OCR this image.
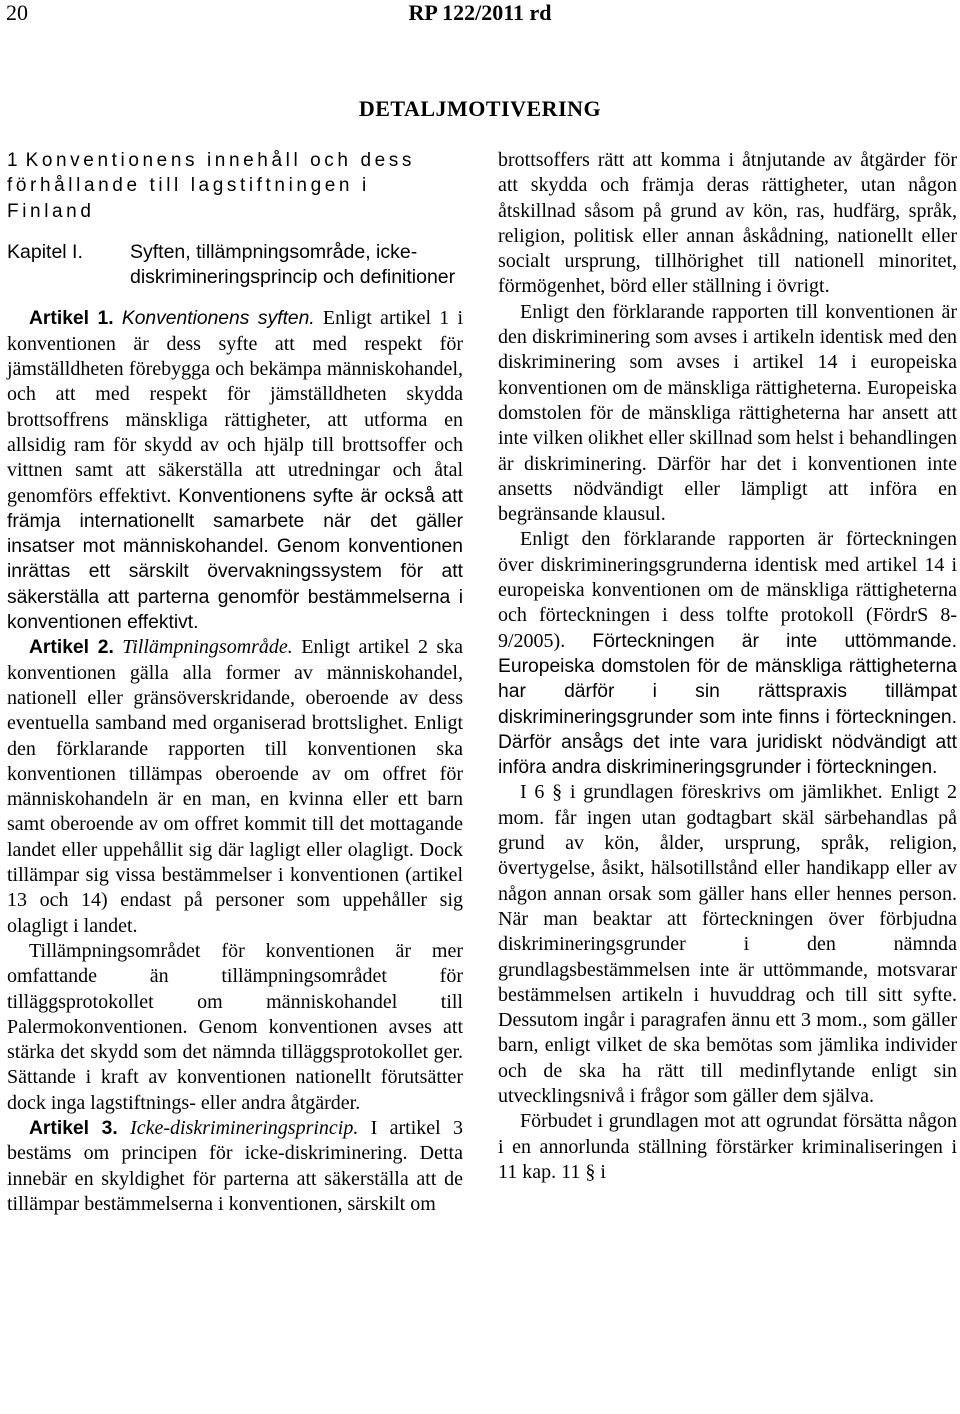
20	RP 122/2011 rd
DETALJMOTIVERING
1 Konventionens innehåll och dess förhållande till lagstiftningen i Finland
Kapitel I.	Syften, tillämpningsområde, icke-diskrimineringsprincip och definitioner

Artikel 1. Konventionens syften. Enligt artikel 1 i konventionen är dess syfte att med respekt för jämställdheten förebygga och bekämpa människohandel, och att med respekt för jämställdheten skydda brottsoffrens mänskliga rättigheter, att utforma en allsidig ram för skydd av och hjälp till brottsoffer och vittnen samt att säkerställa att utredningar och åtal genomförs effektivt. Konventionens syfte är också att främja internationellt samarbete när det gäller insatser mot människohandel. Genom konventionen inrättas ett särskilt övervakningssystem för att säkerställa att parterna genomför bestämmelserna i konventionen effektivt.

Artikel 2. Tillämpningsområde. Enligt artikel 2 ska konventionen gälla alla former av människohandel, nationell eller gränsöverskridande, oberoende av dess eventuella samband med organiserad brottslighet. Enligt den förklarande rapporten till konventionen ska konventionen tillämpas oberoende av om offret för människohandeln är en man, en kvinna eller ett barn samt oberoende av om offret kommit till det mottagande landet eller uppehållit sig där lagligt eller olagligt. Dock tillämpar sig vissa bestämmelser i konventionen (artikel 13 och 14) endast på personer som uppehåller sig olagligt i landet.

Tillämpningsområdet för konventionen är mer omfattande än tillämpningsområdet för tilläggsprotokollet om människohandel till Palermokonventionen. Genom konventionen avses att stärka det skydd som det nämnda tilläggsprotokollet ger. Sättande i kraft av konventionen nationellt förutsätter dock inga lagstiftnings- eller andra åtgärder.

Artikel 3. Icke-diskrimineringsprincip. I artikel 3 bestäms om principen för icke-diskriminering. Detta innebär en skyldighet för parterna att säkerställa att de tillämpar bestämmelserna i konventionen, särskilt om

brottsoffers rätt att komma i åtnjutande av åtgärder för att skydda och främja deras rättigheter, utan någon åtskillnad såsom på grund av kön, ras, hudfärg, språk, religion, politisk eller annan åskådning, nationellt eller socialt ursprung, tillhörighet till nationell minoritet, förmögenhet, börd eller ställning i övrigt.

Enligt den förklarande rapporten till konventionen är den diskriminering som avses i artikeln identisk med den diskriminering som avses i artikel 14 i europeiska konventionen om de mänskliga rättigheterna. Europeiska domstolen för de mänskliga rättigheterna har ansett att inte vilken olikhet eller skillnad som helst i behandlingen är diskriminering. Därför har det i konventionen inte ansetts nödvändigt eller lämpligt att införa en begränsande klausul.

Enligt den förklarande rapporten är förteckningen över diskrimineringsgrunderna identisk med artikel 14 i europeiska konventionen om de mänskliga rättigheterna och förteckningen i dess tolfte protokoll (FördrS 8-9/2005). Förteckningen är inte uttömmande. Europeiska domstolen för de mänskliga rättigheterna har därför i sin rättspraxis tillämpat diskrimineringsgrunder som inte finns i förteckningen. Därför ansågs det inte vara juridiskt nödvändigt att införa andra diskrimineringsgrunder i förteckningen.

I 6 § i grundlagen föreskrivs om jämlikhet. Enligt 2 mom. får ingen utan godtagbart skäl särbehandlas på grund av kön, ålder, ursprung, språk, religion, övertygelse, åsikt, hälsotillstånd eller handikapp eller av någon annan orsak som gäller hans eller hennes person. När man beaktar att förteckningen över förbjudna diskrimineringsgrunder i den nämnda grundlagsbestämmelsen inte är uttömmande, motsvarar bestämmelsen artikeln i huvuddrag och till sitt syfte. Dessutom ingår i paragrafen ännu ett 3 mom., som gäller barn, enligt vilket de ska bemötas som jämlika individer och de ska ha rätt till medinflytande enligt sin utvecklingsnivå i frågor som gäller dem själva.

Förbudet i grundlagen mot att ogrundat försätta någon i en annorlunda ställning förstärker kriminaliseringen i 11 kap. 11 § i
